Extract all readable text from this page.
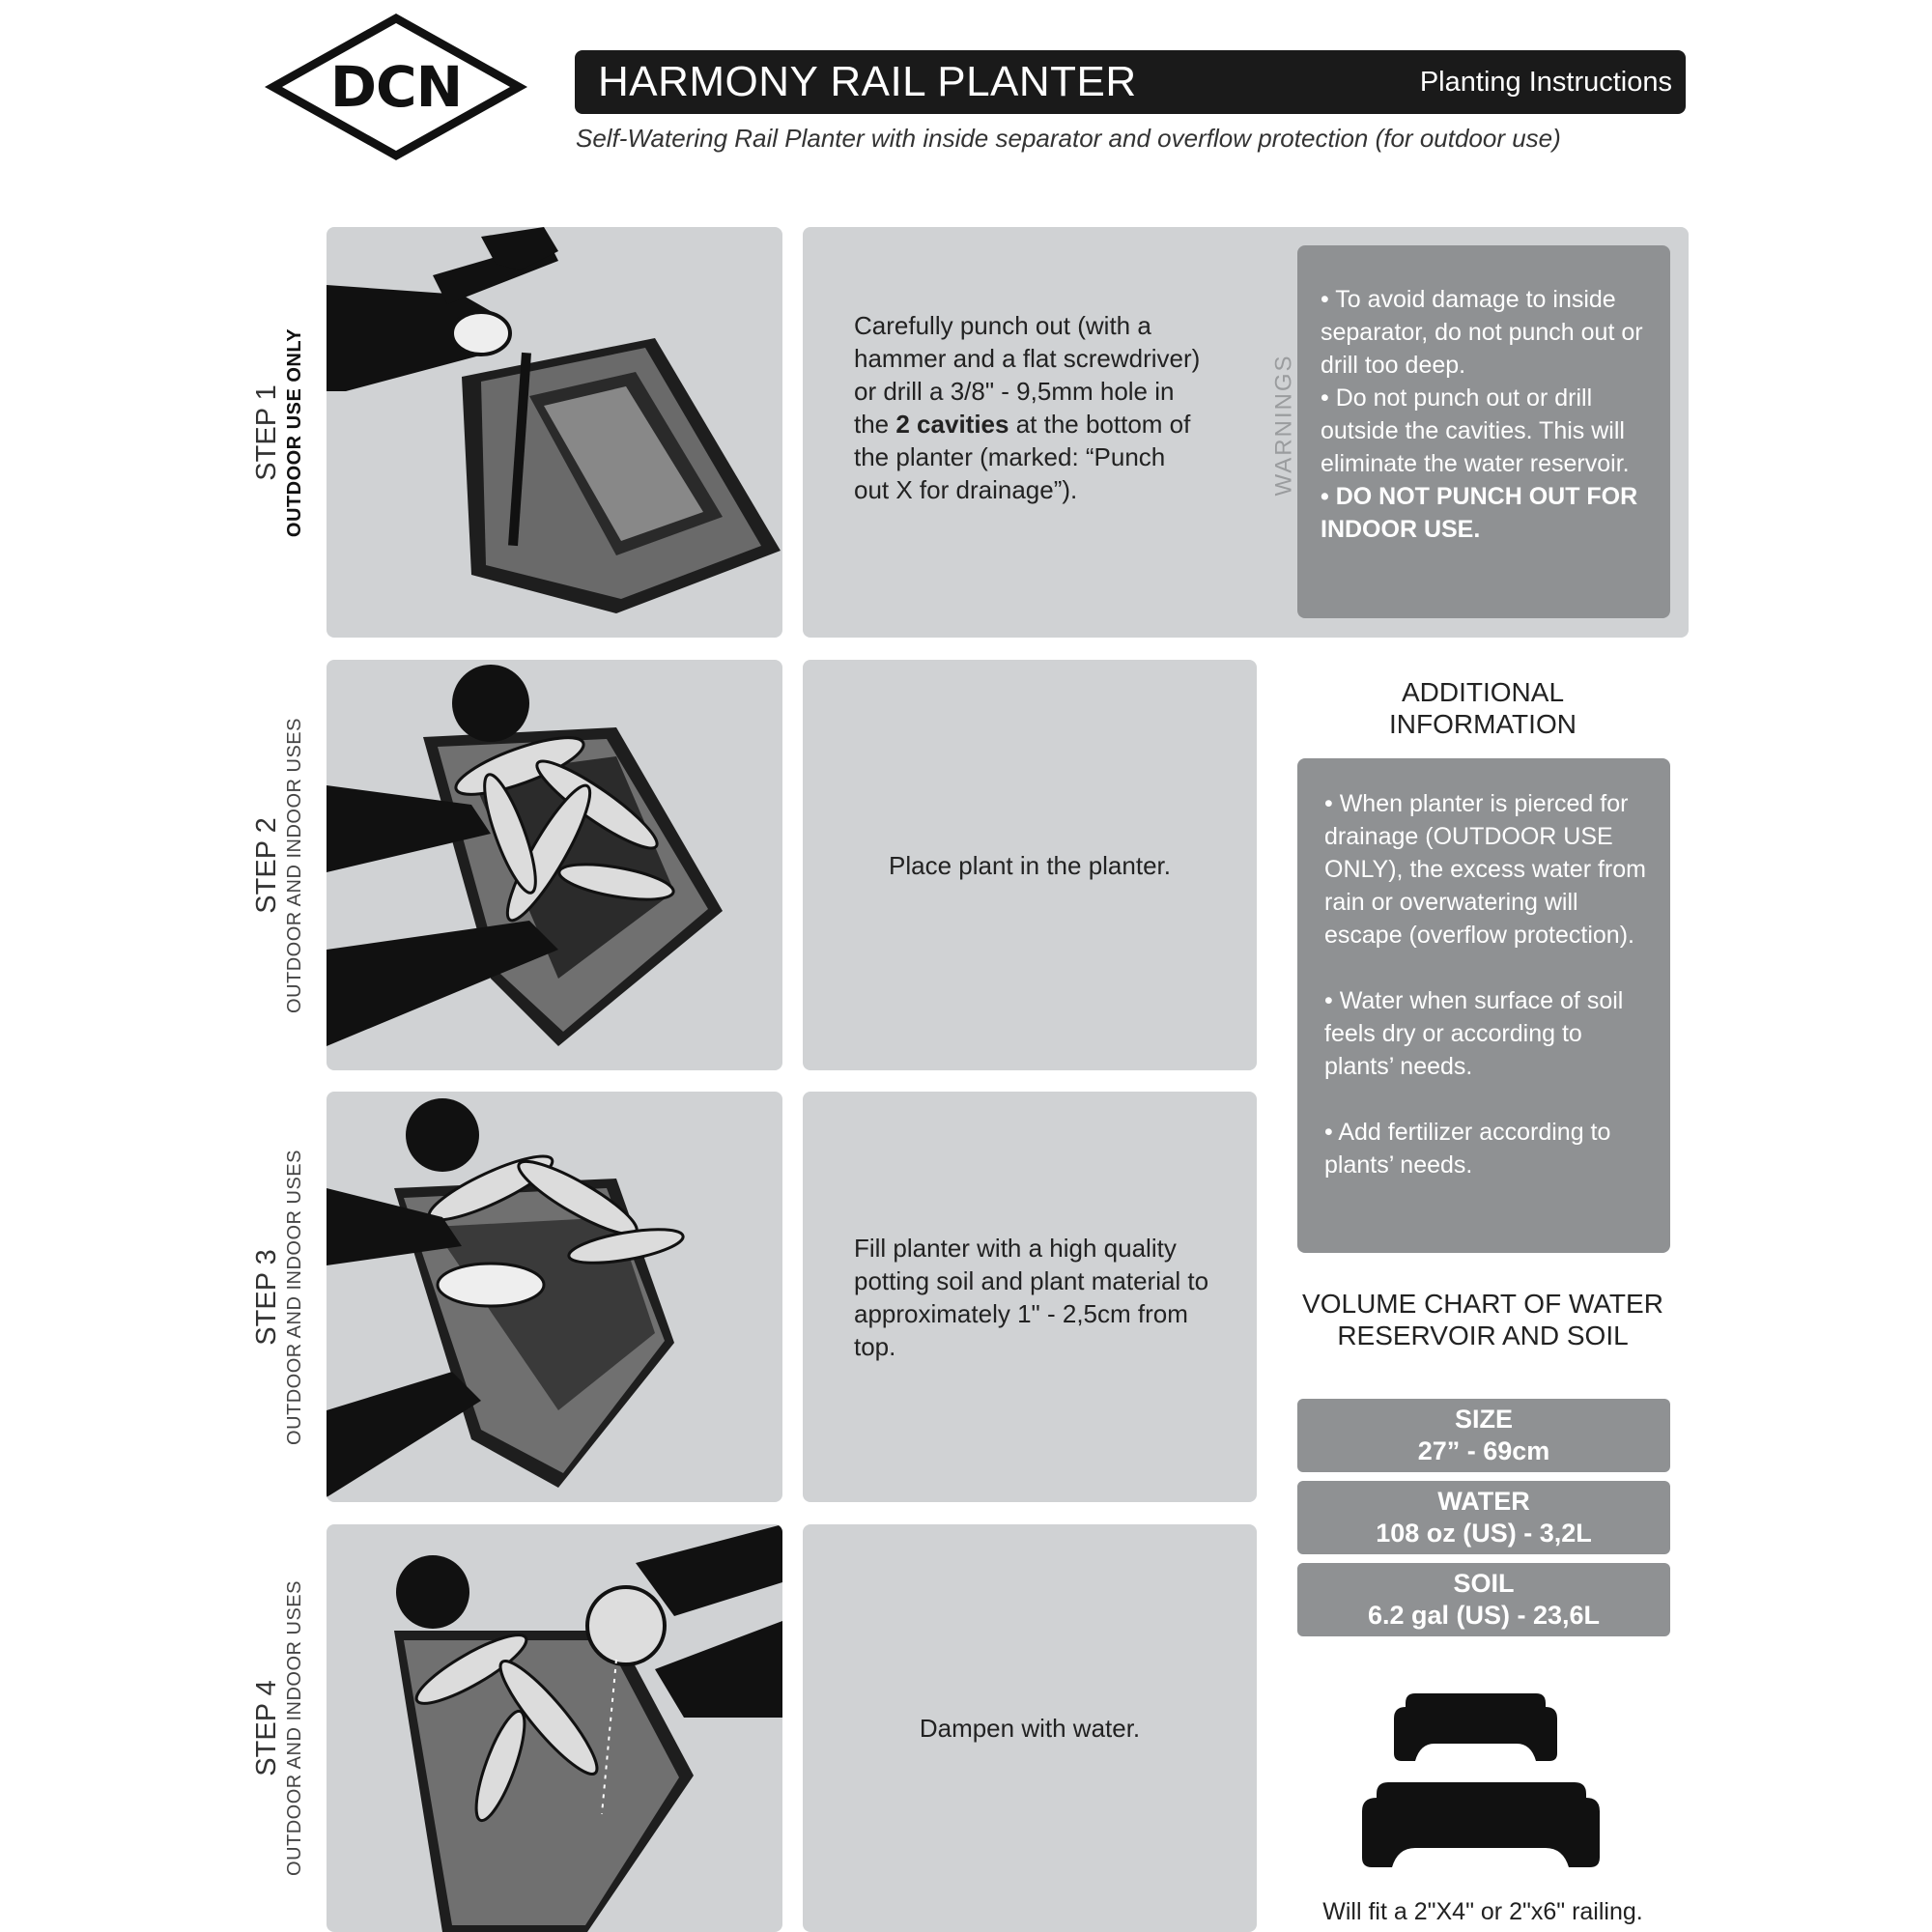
DCN	HARMONY RAIL PLANTER	Planting Instructions
Self-Watering Rail Planter with inside separator and overflow protection (for outdoor use)
STEP 1 OUTDOOR USE ONLY
STEP 2 OUTDOOR AND INDOOR USES
STEP 3 OUTDOOR AND INDOOR USES
STEP 4 OUTDOOR AND INDOOR USES

Carefully punch out (with a hammer and a flat screwdriver) or drill a 3/8" - 9,5mm hole in the 2 cavities at the bottom of the planter (marked: “Punch out X for drainage”).	WARNINGS

• To avoid damage to inside separator, do not punch out or drill too deep.

• Do not punch out or drill outside the cavities. This will eliminate the water reservoir.

• DO NOT PUNCH OUT FOR INDOOR USE.

Place plant in the planter.

Fill planter with a high quality potting soil and plant material to approximately 1" - 2,5cm from top.

Dampen with water.

ADDITIONAL INFORMATION

• When planter is pierced for drainage (OUTDOOR USE ONLY), the excess water from rain or overwatering will escape (overflow protection).

• Water when surface of soil feels dry or according to plants’ needs.

• Add fertilizer according to plants’ needs.

VOLUME CHART OF WATER RESERVOIR AND SOIL
SIZE
27” - 69cm
WATER
108 oz (US) - 3,2L
SOIL
6.2 gal (US) - 23,6L
Will fit a 2"X4" or 2"x6" railing.
